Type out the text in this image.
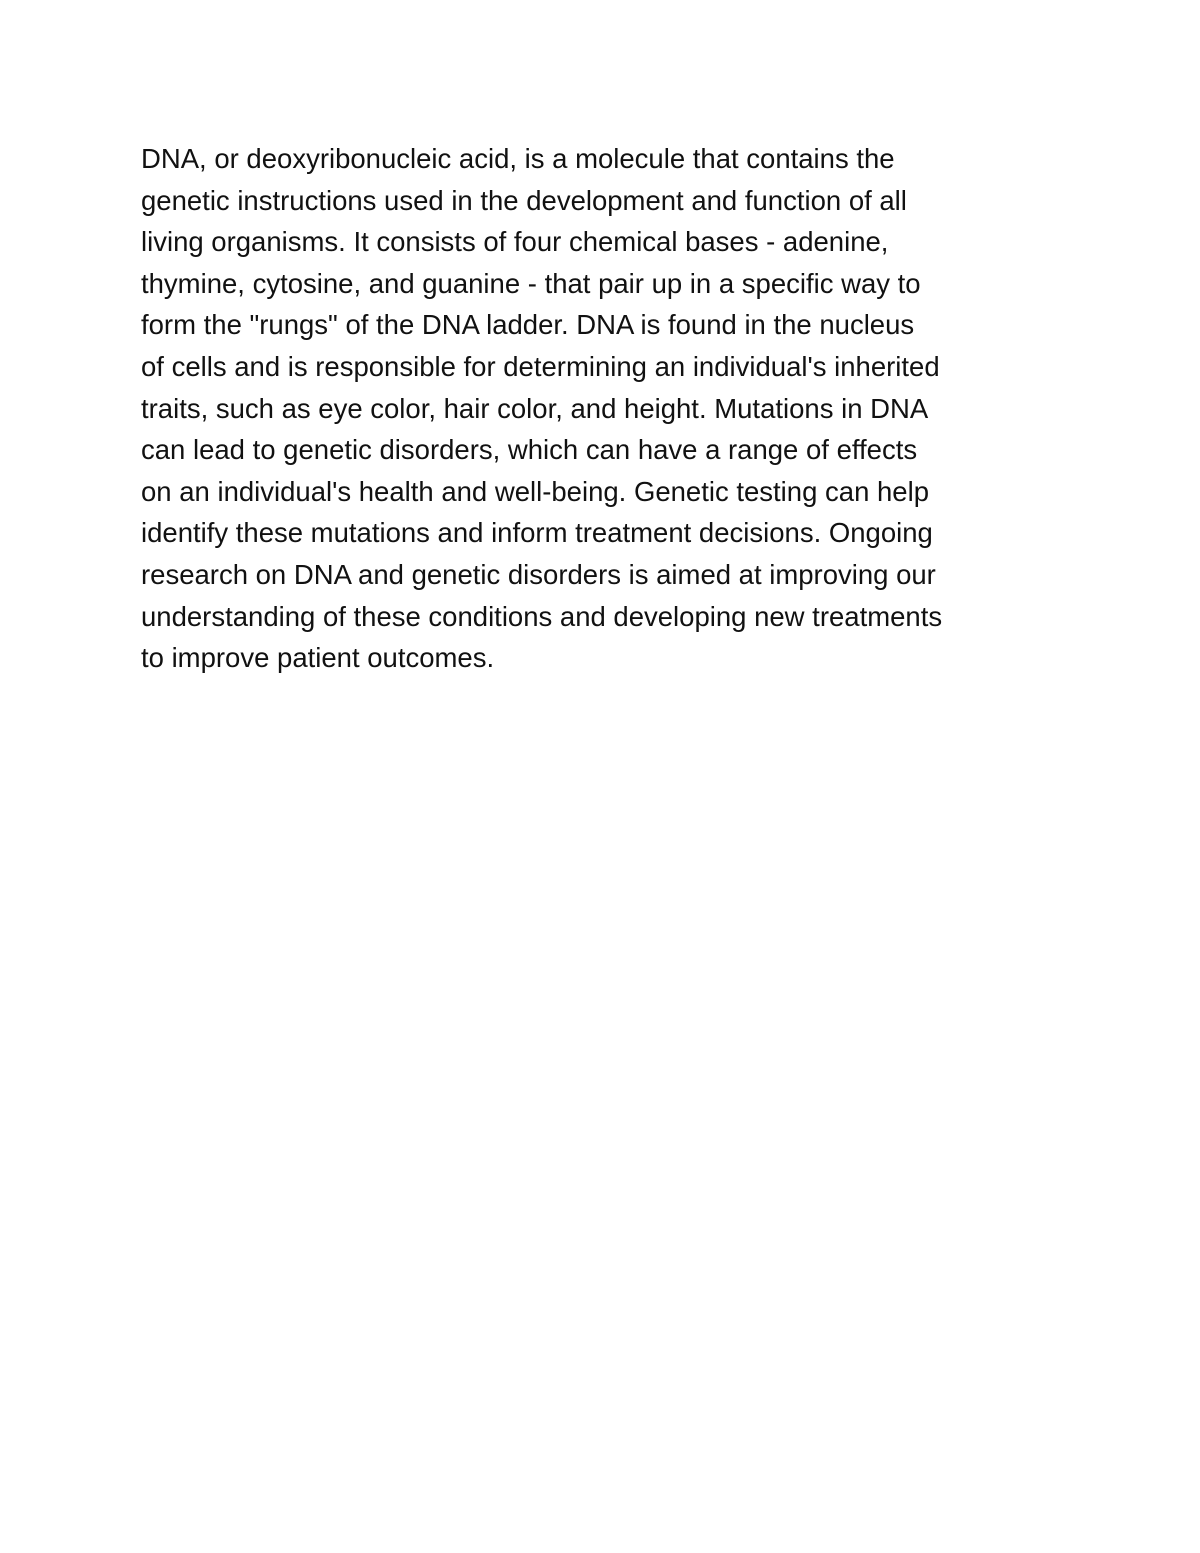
DNA, or deoxyribonucleic acid, is a molecule that contains the
genetic instructions used in the development and function of all
living organisms. It consists of four chemical bases - adenine,
thymine, cytosine, and guanine - that pair up in a specific way to
form the "rungs" of the DNA ladder. DNA is found in the nucleus
of cells and is responsible for determining an individual's inherited
traits, such as eye color, hair color, and height. Mutations in DNA
can lead to genetic disorders, which can have a range of effects
on an individual's health and well-being. Genetic testing can help
identify these mutations and inform treatment decisions. Ongoing
research on DNA and genetic disorders is aimed at improving our
understanding of these conditions and developing new treatments
to improve patient outcomes.
